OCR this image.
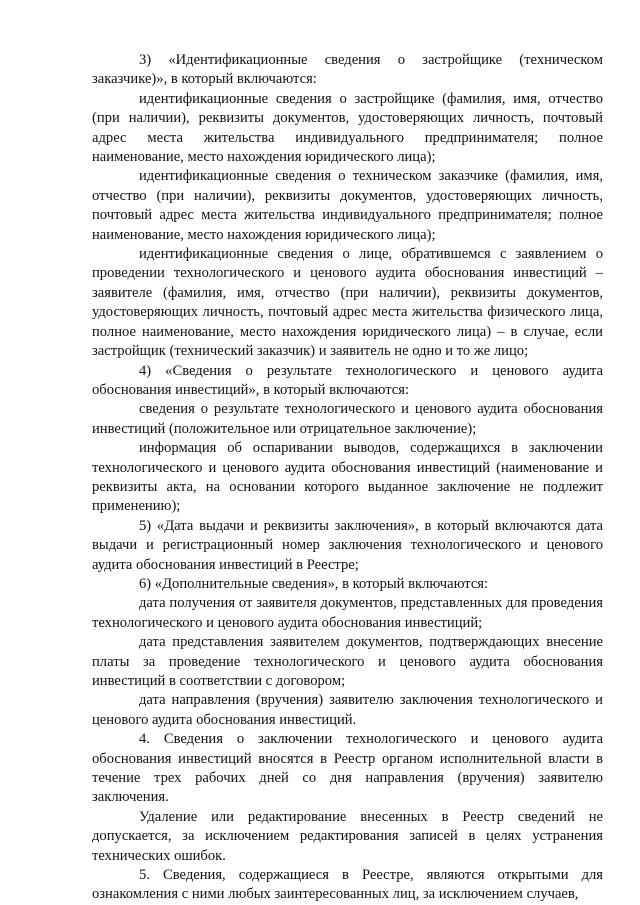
3) «Идентификационные сведения о застройщике (техническом заказчике)», в который включаются:

идентификационные сведения о застройщике (фамилия, имя, отчество (при наличии), реквизиты документов, удостоверяющих личность, почтовый адрес места жительства индивидуального предпринимателя; полное наименование, место нахождения юридического лица);

идентификационные сведения о техническом заказчике (фамилия, имя, отчество (при наличии), реквизиты документов, удостоверяющих личность, почтовый адрес места жительства индивидуального предпринимателя; полное наименование, место нахождения юридического лица);

идентификационные сведения о лице, обратившемся с заявлением о проведении технологического и ценового аудита обоснования инвестиций – заявителе (фамилия, имя, отчество (при наличии), реквизиты документов, удостоверяющих личность, почтовый адрес места жительства физического лица, полное наименование, место нахождения юридического лица) – в случае, если застройщик (технический заказчик) и заявитель не одно и то же лицо;

4) «Сведения о результате технологического и ценового аудита обоснования инвестиций», в который включаются:

сведения о результате технологического и ценового аудита обоснования инвестиций (положительное или отрицательное заключение);

информация об оспаривании выводов, содержащихся в заключении технологического и ценового аудита обоснования инвестиций (наименование и реквизиты акта, на основании которого выданное заключение не подлежит применению);

5) «Дата выдачи и реквизиты заключения», в который включаются дата выдачи и регистрационный номер заключения технологического и ценового аудита обоснования инвестиций в Реестре;

6) «Дополнительные сведения», в который включаются:

дата получения от заявителя документов, представленных для проведения технологического и ценового аудита обоснования инвестиций;

дата представления заявителем документов, подтверждающих внесение платы за проведение технологического и ценового аудита обоснования инвестиций в соответствии с договором;

дата направления (вручения) заявителю заключения технологического и ценового аудита обоснования инвестиций.

4. Сведения о заключении технологического и ценового аудита обоснования инвестиций вносятся в Реестр органом исполнительной власти в течение трех рабочих дней со дня направления (вручения) заявителю заключения.

Удаление или редактирование внесенных в Реестр сведений не допускается, за исключением редактирования записей в целях устранения технических ошибок.

5. Сведения, содержащиеся в Реестре, являются открытыми для ознакомления с ними любых заинтересованных лиц, за исключением случаев,
